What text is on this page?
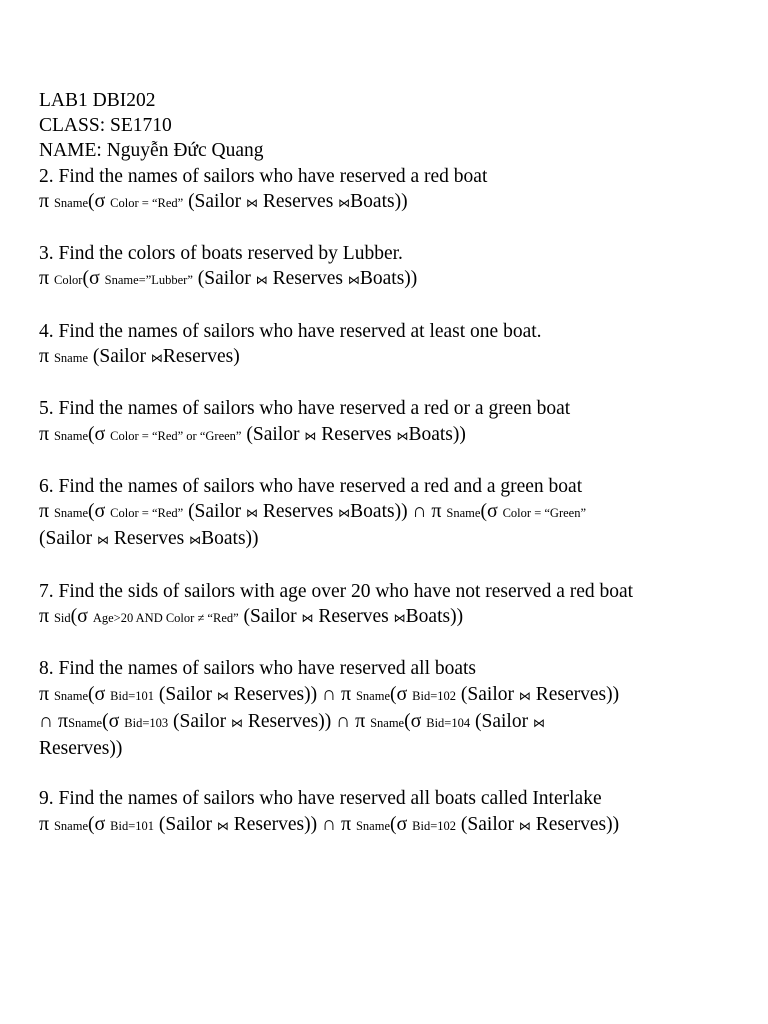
LAB1 DBI202
CLASS: SE1710
NAME: Nguyễn Đức Quang
2. Find the names of sailors who have reserved a red boat
π Sname(σ Color = “Red” (Sailor ⋈ Reserves ⋈Boats))
3. Find the colors of boats reserved by Lubber.
π Color(σ Sname=”Lubber” (Sailor ⋈ Reserves ⋈Boats))
4. Find the names of sailors who have reserved at least one boat.
π Sname (Sailor ⋈Reserves)
5. Find the names of sailors who have reserved a red or a green boat
π Sname(σ Color = “Red” or “Green” (Sailor ⋈ Reserves ⋈Boats))
6. Find the names of sailors who have reserved a red and a green boat
π Sname(σ Color = “Red” (Sailor ⋈ Reserves ⋈Boats)) ∩ π Sname(σ Color = “Green”
(Sailor ⋈ Reserves ⋈Boats))
7. Find the sids of sailors with age over 20 who have not reserved a red boat
π Sid(σ Age>20 AND Color ≠ “Red” (Sailor ⋈ Reserves ⋈Boats))
8. Find the names of sailors who have reserved all boats
π Sname(σ Bid=101 (Sailor ⋈ Reserves)) ∩ π Sname(σ Bid=102 (Sailor ⋈ Reserves))
∩ πSname(σ Bid=103 (Sailor ⋈ Reserves)) ∩ π Sname(σ Bid=104 (Sailor ⋈
Reserves))
9. Find the names of sailors who have reserved all boats called Interlake
π Sname(σ Bid=101 (Sailor ⋈ Reserves)) ∩ π Sname(σ Bid=102 (Sailor ⋈ Reserves))
